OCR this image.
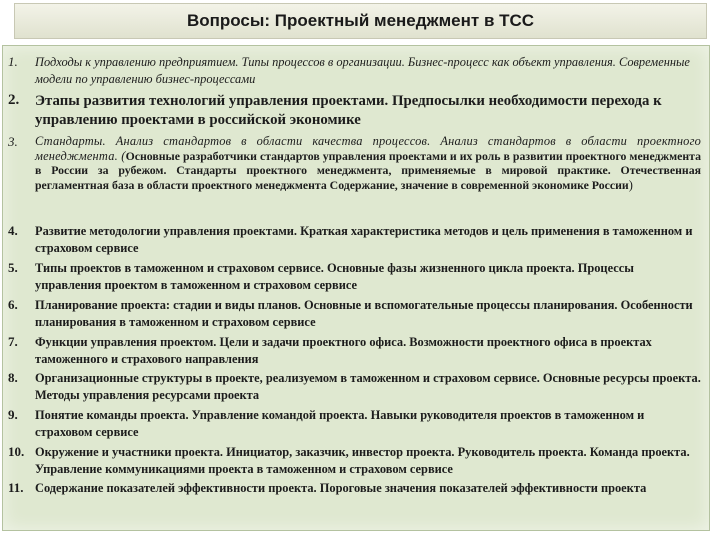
Вопросы: Проектный менеджмент в ТСС
1. Подходы к управлению предприятием. Типы процессов в организации. Бизнес-процесс как объект управления. Современные модели по управлению бизнес-процессами
2. Этапы развития технологий управления проектами. Предпосылки необходимости перехода к управлению проектами в российской экономике
3. Стандарты. Анализ стандартов в области качества процессов. Анализ стандартов в области проектного менеджмента. (Основные разработчики стандартов управления проектами и их роль в развитии проектного менеджмента в России за рубежом. Стандарты проектного менеджмента, применяемые в мировой практике. Отечественная регламентная база в области проектного менеджмента Содержание, значение в современной экономике России)
4. Развитие методологии управления проектами. Краткая характеристика методов и цель применения в таможенном и страховом сервисе
5. Типы проектов в таможенном и страховом сервисе. Основные фазы жизненного цикла проекта. Процессы управления проектом в таможенном и страховом сервисе
6. Планирование проекта: стадии и виды планов. Основные и вспомогательные процессы планирования. Особенности планирования в таможенном и страховом сервисе
7. Функции управления проектом. Цели и задачи проектного офиса. Возможности проектного офиса в проектах таможенного и страхового направления
8. Организационные структуры в проекте, реализуемом в таможенном и страховом сервисе. Основные ресурсы проекта. Методы управления ресурсами проекта
9. Понятие команды проекта. Управление командой проекта. Навыки руководителя проектов в таможенном и страховом сервисе
10. Окружение и участники проекта. Инициатор, заказчик, инвестор проекта. Руководитель проекта. Команда проекта. Управление коммуникациями проекта в таможенном и страховом сервисе
11. Содержание показателей эффективности проекта. Пороговые значения показателей эффективности проекта
